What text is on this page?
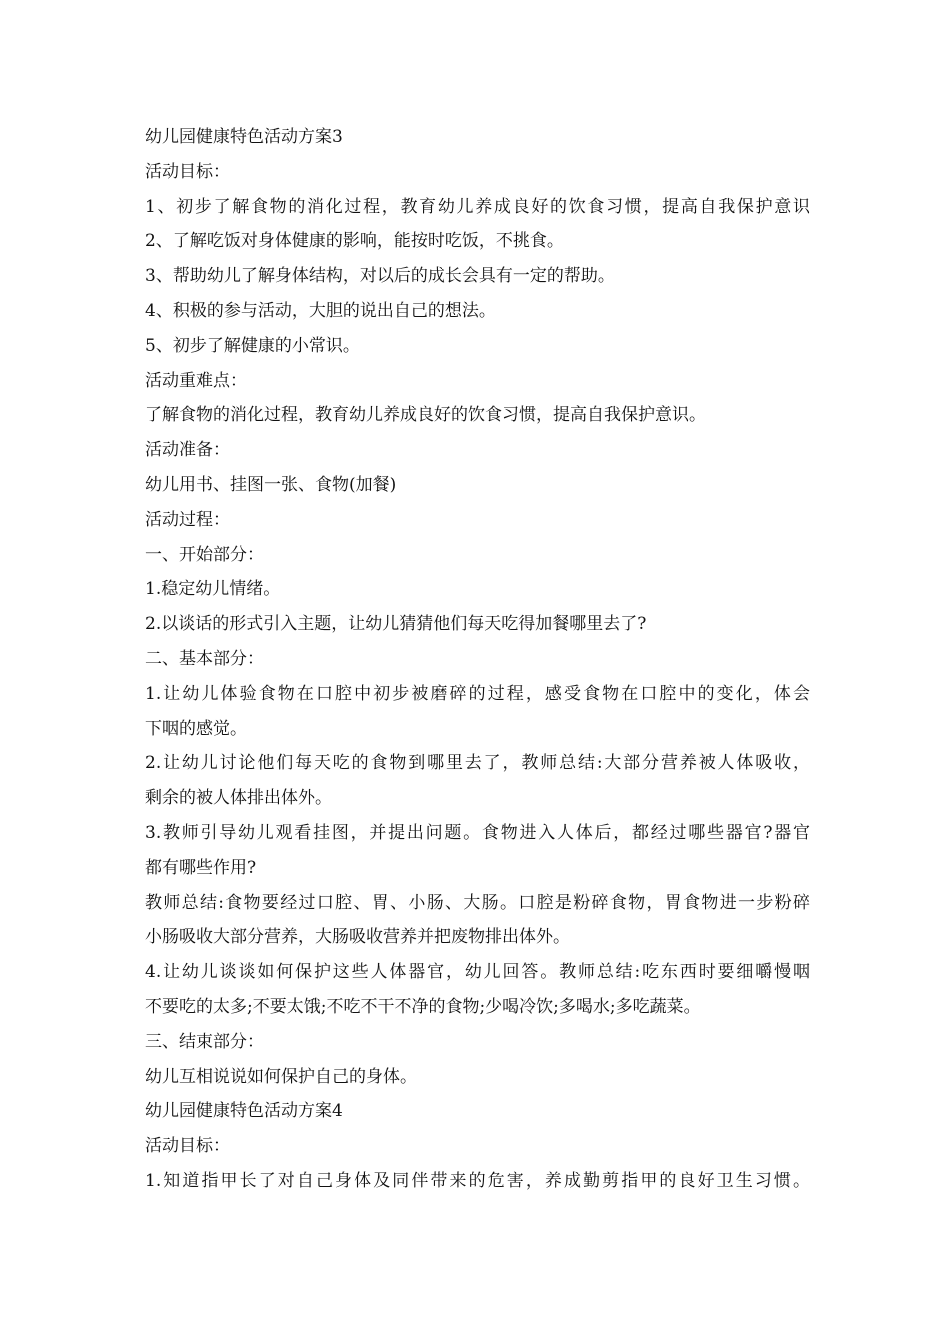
幼儿园健康特色活动方案3
活动目标：
1、初步了解食物的消化过程，教育幼儿养成良好的饮食习惯，提高自我保护意识
2、了解吃饭对身体健康的影响，能按时吃饭，不挑食。
3、帮助幼儿了解身体结构，对以后的成长会具有一定的帮助。
4、积极的参与活动，大胆的说出自己的想法。
5、初步了解健康的小常识。
活动重难点：
了解食物的消化过程，教育幼儿养成良好的饮食习惯，提高自我保护意识。
活动准备：
幼儿用书、挂图一张、食物(加餐)
活动过程：
一、开始部分：
1.稳定幼儿情绪。
2.以谈话的形式引入主题，让幼儿猜猜他们每天吃得加餐哪里去了?
二、基本部分：
1.让幼儿体验食物在口腔中初步被磨碎的过程，感受食物在口腔中的变化，体会
下咽的感觉。
2.让幼儿讨论他们每天吃的食物到哪里去了，教师总结:大部分营养被人体吸收，
剩余的被人体排出体外。
3.教师引导幼儿观看挂图，并提出问题。食物进入人体后，都经过哪些器官?器官
都有哪些作用?
教师总结:食物要经过口腔、胃、小肠、大肠。口腔是粉碎食物，胃食物进一步粉碎
小肠吸收大部分营养，大肠吸收营养并把废物排出体外。
4.让幼儿谈谈如何保护这些人体器官，幼儿回答。教师总结:吃东西时要细嚼慢咽
不要吃的太多;不要太饿;不吃不干不净的食物;少喝冷饮;多喝水;多吃蔬菜。
三、结束部分：
幼儿互相说说如何保护自己的身体。
幼儿园健康特色活动方案4
活动目标：
1.知道指甲长了对自己身体及同伴带来的危害，养成勤剪指甲的良好卫生习惯。
